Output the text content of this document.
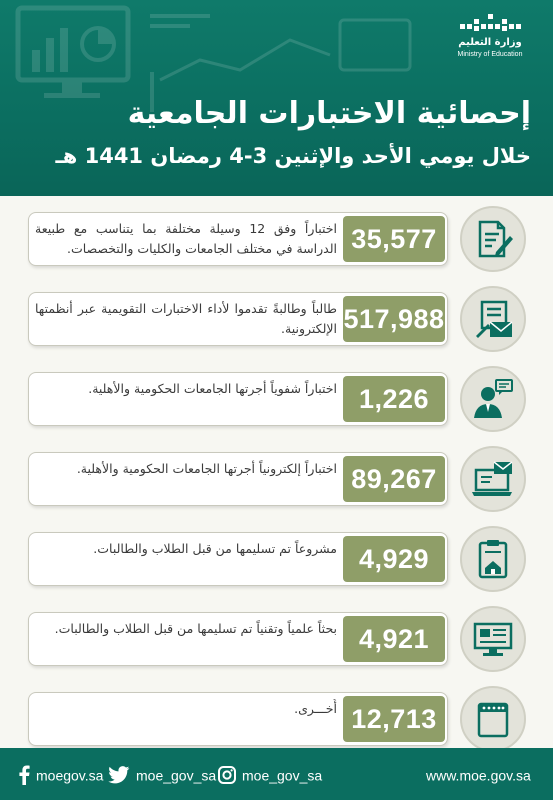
وزارة التعليم
Ministry of Education
إحصائية الاختبارات الجامعية
خلال يومي الأحد والإثنين 3-4 رمضان 1441 هـ
اختباراً وفق 12 وسيلة مختلفة بما يتناسب مع طبيعة الدراسة في مختلف الجامعات والكليات والتخصصات. 35,577
طالباً وطالبةً تقدموا لأداء الاختبارات التقويمية عبر أنظمتها الإلكترونية. 517,988
اختباراً شفوياً أجرتها الجامعات الحكومية والأهلية. 1,226
اختباراً إلكترونياً أجرتها الجامعات الحكومية والأهلية. 89,267
مشروعاً تم تسليمها من قبل الطلاب والطالبات. 4,929
بحثاً علمياً وتقنياً تم تسليمها من قبل الطلاب والطالبات. 4,921
أُخـــرى. 12,713
moegov.sa	moe_gov_sa	moe_gov_sa	www.moe.gov.sa
